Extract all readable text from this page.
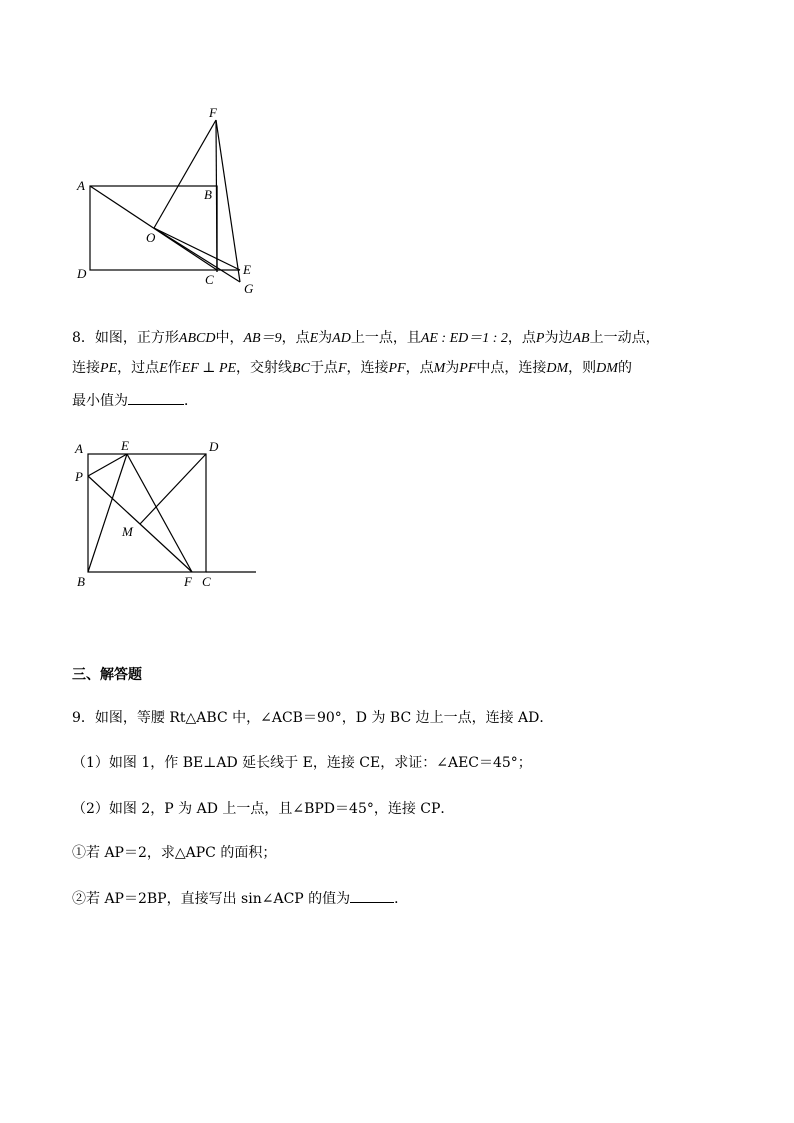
F
A
B
O
D	C
E
G
8．如图，正方形ABCD中，AB＝9，点E为AD上一点，且AE : ED＝1 : 2，点P为边AB上一动点，
连接PE，过点E作EF ⊥ PE，交射线BC于点F，连接PF，点M为PF中点，连接DM，则DM的
最小值为	．
A	E	D
P
M
B	F C
三、解答题
9．如图，等腰 Rt△ABC 中，∠ACB＝90°，D 为 BC 边上一点，连接 AD．
（1）如图 1，作 BE⊥AD 延长线于 E，连接 CE，求证：∠AEC＝45°；
（2）如图 2，P 为 AD 上一点，且∠BPD＝45°，连接 CP．
①若 AP＝2，求△APC 的面积；
②若 AP＝2BP，直接写出 sin∠ACP 的值为	．
